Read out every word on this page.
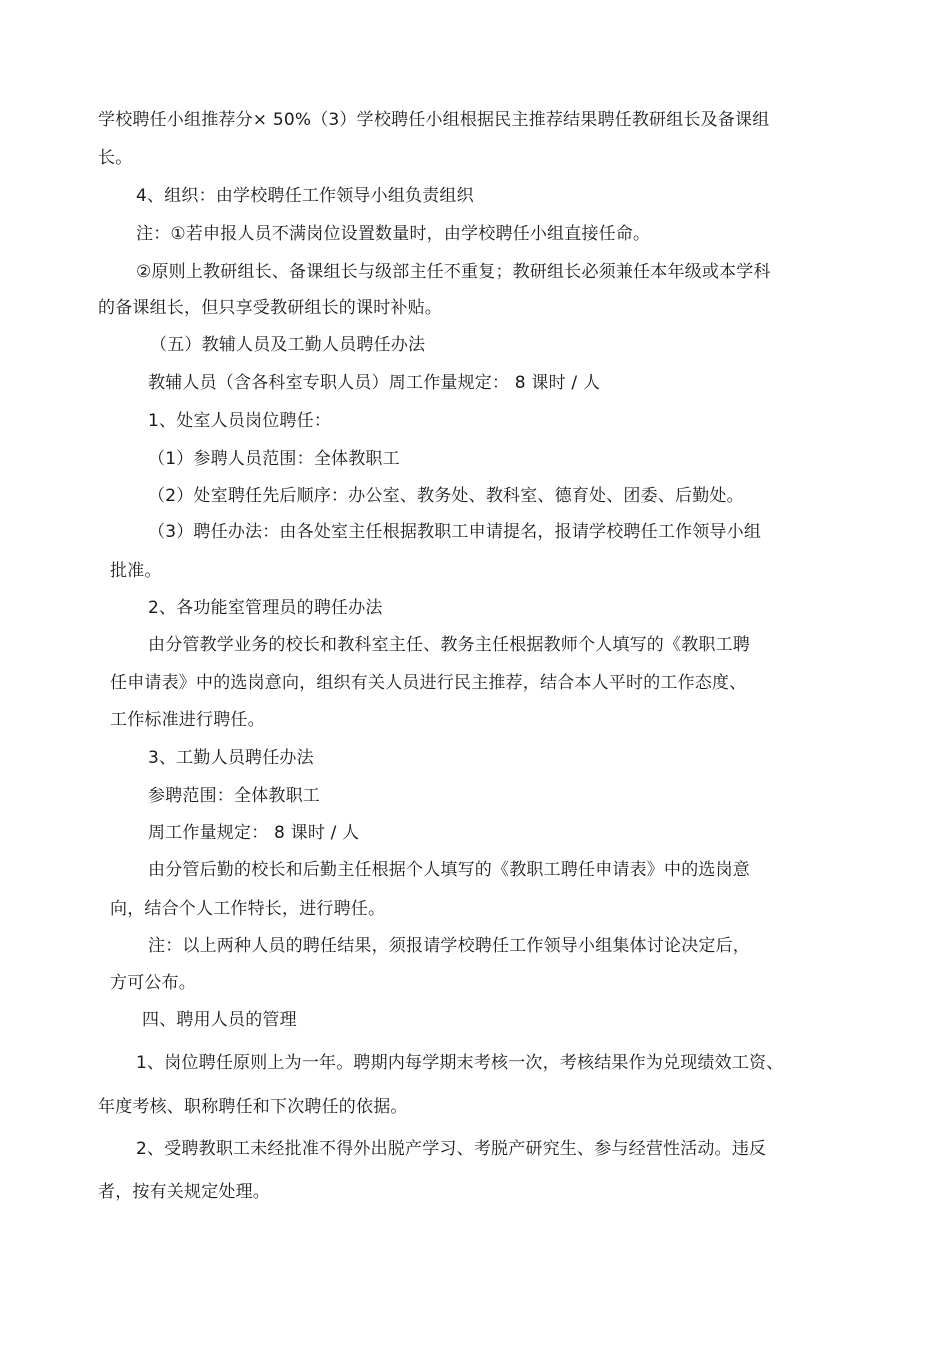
学校聘任小组推荐分× 50%（3）学校聘任小组根据民主推荐结果聘任教研组长及备课组
长。
4、组织：由学校聘任工作领导小组负责组织
注：①若申报人员不满岗位设置数量时，由学校聘任小组直接任命。
②原则上教研组长、备课组长与级部主任不重复；教研组长必须兼任本年级或本学科
的备课组长，但只享受教研组长的课时补贴。
（五）教辅人员及工勤人员聘任办法
教辅人员（含各科室专职人员）周工作量规定： 8 课时 / 人
1、处室人员岗位聘任：
（1）参聘人员范围：全体教职工
（2）处室聘任先后顺序：办公室、教务处、教科室、德育处、团委、后勤处。
（3）聘任办法：由各处室主任根据教职工申请提名，报请学校聘任工作领导小组
批准。
2、各功能室管理员的聘任办法
由分管教学业务的校长和教科室主任、教务主任根据教师个人填写的《教职工聘
任申请表》中的选岗意向，组织有关人员进行民主推荐，结合本人平时的工作态度、
工作标准进行聘任。
3、工勤人员聘任办法
参聘范围：全体教职工
周工作量规定： 8 课时 / 人
由分管后勤的校长和后勤主任根据个人填写的《教职工聘任申请表》中的选岗意
向，结合个人工作特长，进行聘任。
注：以上两种人员的聘任结果，须报请学校聘任工作领导小组集体讨论决定后，
方可公布。
四、聘用人员的管理
1、岗位聘任原则上为一年。聘期内每学期末考核一次，考核结果作为兑现绩效工资、
年度考核、职称聘任和下次聘任的依据。
2、受聘教职工未经批准不得外出脱产学习、考脱产研究生、参与经营性活动。违反
者，按有关规定处理。
